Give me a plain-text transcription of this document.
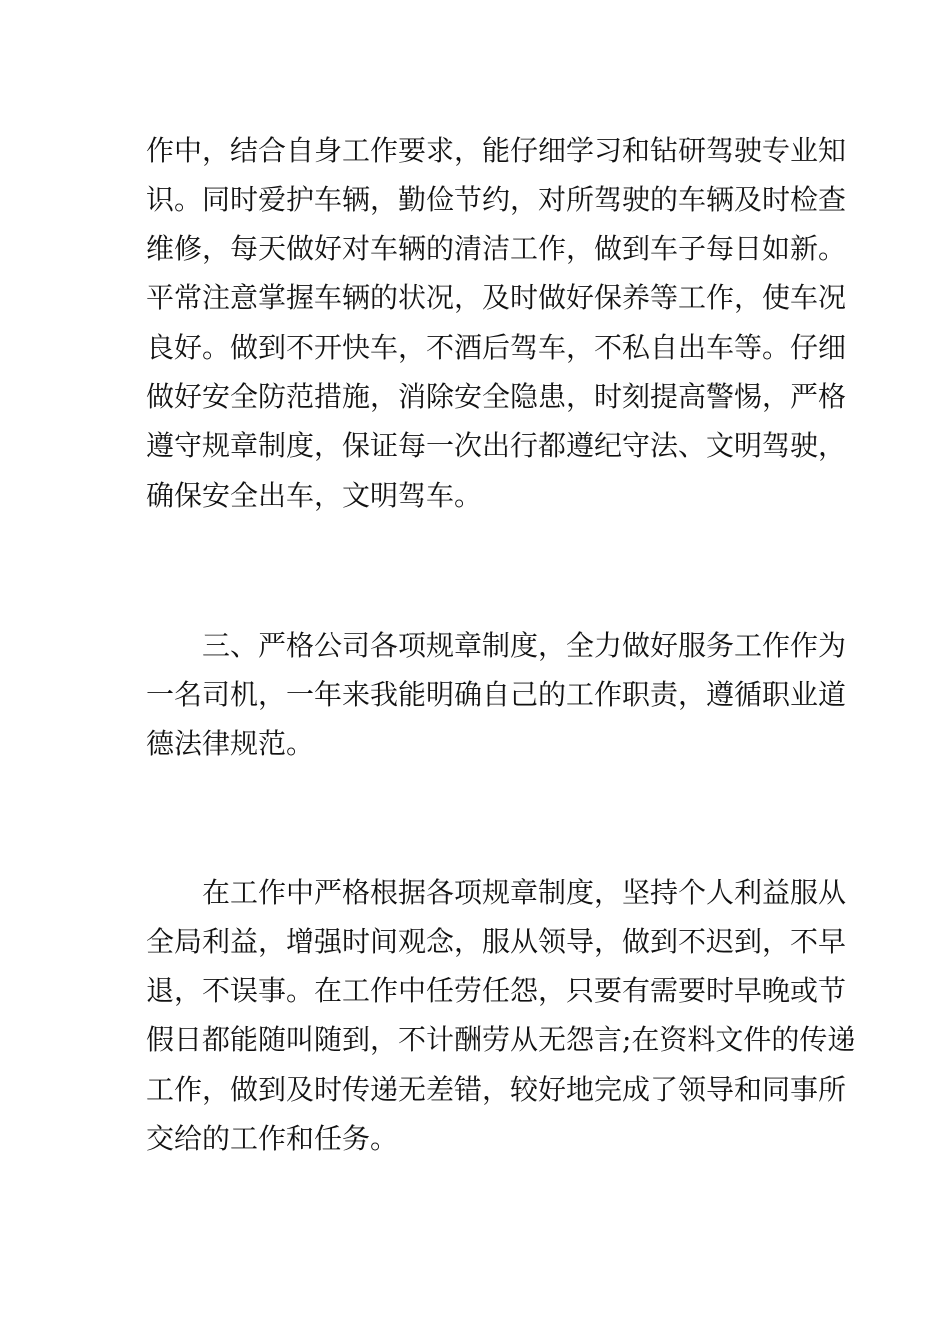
作中，结合自身工作要求，能仔细学习和钻研驾驶专业知
识。同时爱护车辆，勤俭节约，对所驾驶的车辆及时检查
维修，每天做好对车辆的清洁工作，做到车子每日如新。
平常注意掌握车辆的状况，及时做好保养等工作，使车况
良好。做到不开快车，不酒后驾车，不私自出车等。仔细
做好安全防范措施，消除安全隐患，时刻提高警惕，严格
遵守规章制度，保证每一次出行都遵纪守法、文明驾驶，
确保安全出车，文明驾车。
三、严格公司各项规章制度，全力做好服务工作作为
一名司机，一年来我能明确自己的工作职责，遵循职业道
德法律规范。
在工作中严格根据各项规章制度，坚持个人利益服从
全局利益，增强时间观念，服从领导，做到不迟到，不早
退，不误事。在工作中任劳任怨，只要有需要时早晚或节
假日都能随叫随到，不计酬劳从无怨言;在资料文件的传递
工作，做到及时传递无差错，较好地完成了领导和同事所
交给的工作和任务。
